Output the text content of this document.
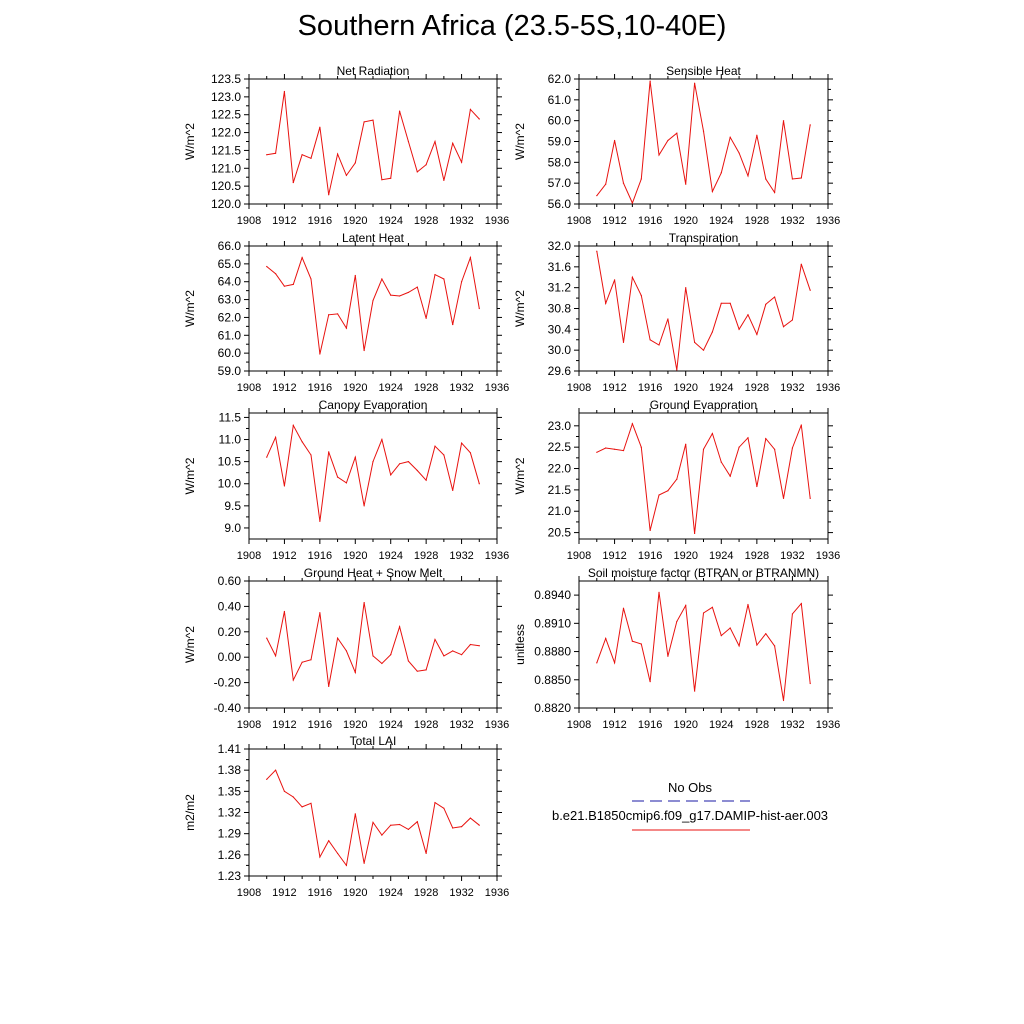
Southern Africa (23.5-5S,10-40E)
Net Radiation
W/m^2
1908 1912 1916 1920 1924 1928 1932 1936
120.0
120.5
121.0
121.5
122.0
122.5
123.0
123.5
Sensible Heat
W/m^2
1908 1912 1916 1920 1924 1928 1932 1936
56.0
57.0
58.0
59.0
60.0
61.0
62.0
Latent Heat
W/m^2
1908 1912 1916 1920 1924 1928 1932 1936
59.0
60.0
61.0
62.0
63.0
64.0
65.0
66.0
Transpiration
W/m^2
1908 1912 1916 1920 1924 1928 1932 1936
29.6
30.0
30.4
30.8
31.2
31.6
32.0
Canopy Evaporation
W/m^2
1908 1912 1916 1920 1924 1928 1932 1936
9.0
9.5
10.0
10.5
11.0
11.5
Ground Evaporation
W/m^2
1908 1912 1916 1920 1924 1928 1932 1936
20.5
21.0
21.5
22.0
22.5
23.0
Ground Heat + Snow Melt
W/m^2
1908 1912 1916 1920 1924 1928 1932 1936
-0.40
-0.20
0.00
0.20
0.40
0.60
Soil moisture factor (BTRAN or BTRANMN)
unitless
1908 1912 1916 1920 1924 1928 1932 1936
0.8820
0.8850
0.8880
0.8910
0.8940
Total LAI
m2/m2
1908 1912 1916 1920 1924 1928 1932 1936
1.23
1.26
1.29
1.32
1.35
1.38
1.41
No Obs
b.e21.B1850cmip6.f09_g17.DAMIP-hist-aer.003
